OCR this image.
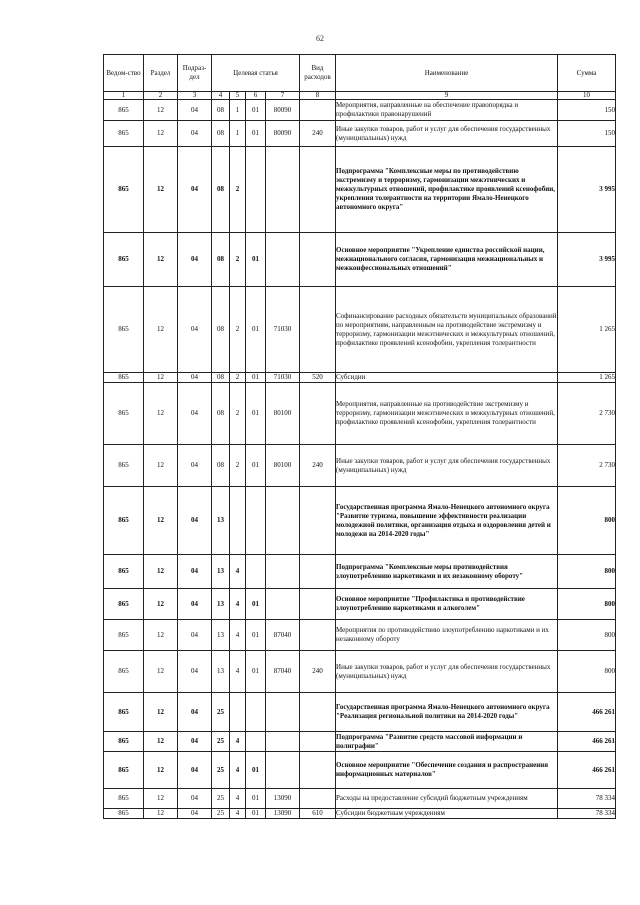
62
Ведом-ство	Раздел	Подраз-дел	Целевая статья				Вид расходов	Наименование	Сумма
1	2	3	4	5	6	7	8	9	10
865	12	04	08	1	01	80090		Мероприятия, направленные на обеспечение правопорядка и профилактики правонарушений	150
865	12	04	08	1	01	80090	240	Иные закупки товаров, работ и услуг для обеспечения государственных (муниципальных) нужд	150
865	12	04	08	2				Подпрограмма "Комплексные меры по противодействию экстремизму и терроризму, гармонизации межэтнических и межкультурных отношений, профилактике проявлений ксенофобии, укрепления толерантности на территории Ямало-Ненецкого автономного округа"	3 995
865	12	04	08	2	01			Основное мероприятие "Укрепление единства российской нации, межнационального согласия, гармонизация межнациональных и межконфессиональных отношений"	3 995
865	12	04	08	2	01	71030		Софинансирование расходных обязательств муниципальных образований по мероприятиям, направленным на противодействие экстремизму и терроризму, гармонизации межэтнических и межкультурных отношений, профилактике проявлений ксенофобии, укрепления толерантности	1 265
865	12	04	08	2	01	71030	520	Субсидии	1 265
865	12	04	08	2	01	80100		Мероприятия, направленные на противодействие экстремизму и терроризму, гармонизации межэтнических и межкультурных отношений, профилактике проявлений ксенофобии, укрепления толерантности	2 730
865	12	04	08	2	01	80100	240	Иные закупки товаров, работ и услуг для обеспечения государственных (муниципальных) нужд	2 730
865	12	04	13					Государственная программа Ямало-Ненецкого автономного округа "Развитие туризма, повышение эффективности реализации молодежной политики, организация отдыха и оздоровления детей и молодежи на 2014-2020 годы"	800
865	12	04	13	4				Подпрограмма "Комплексные меры противодействия злоупотреблению наркотиками и их незаконному обороту"	800
865	12	04	13	4	01			Основное мероприятие "Профилактика и противодействие злоупотреблению наркотиками и алкоголем"	800
865	12	04	13	4	01	87040		Мероприятия по противодействию злоупотреблению наркотиками и их незаконному обороту	800
865	12	04	13	4	01	87040	240	Иные закупки товаров, работ и услуг для обеспечения государственных (муниципальных) нужд	800
865	12	04	25					Государственная программа Ямало-Ненецкого автономного округа "Реализация региональной политики на 2014-2020 годы"	466 261
865	12	04	25	4				Подпрограмма "Развитие средств массовой информации и полиграфии"	466 261
865	12	04	25	4	01			Основное мероприятие "Обеспечение создания и распространения информационных материалов"	466 261
865	12	04	25	4	01	13090		Расходы на предоставление субсидий бюджетным учреждениям	78 334
865	12	04	25	4	01	13090	610	Субсидии бюджетным учреждениям	78 334
